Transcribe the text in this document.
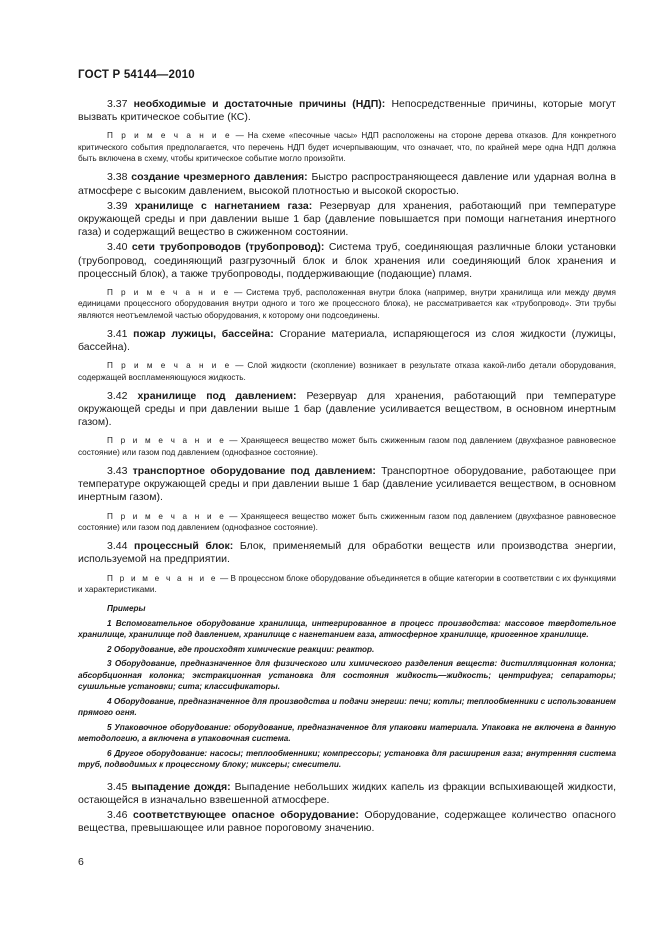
ГОСТ Р 54144—2010

3.37 необходимые и достаточные причины (НДП): Непосредственные причины, которые могут вызвать критическое событие (КС).

П р и м е ч а н и е — На схеме «песочные часы» НДП расположены на стороне дерева отказов. Для конкретного критического события предполагается, что перечень НДП будет исчерпывающим, что означает, что, по крайней мере одна НДП должна быть включена в схему, чтобы критическое событие могло произойти.

3.38 создание чрезмерного давления: Быстро распространяющееся давление или ударная волна в атмосфере с высоким давлением, высокой плотностью и высокой скоростью.

3.39 хранилище с нагнетанием газа: Резервуар для хранения, работающий при температуре окружающей среды и при давлении выше 1 бар (давление повышается при помощи нагнетания инертного газа) и содержащий вещество в сжиженном состоянии.

3.40 сети трубопроводов (трубопровод): Система труб, соединяющая различные блоки установки (трубопровод, соединяющий разгрузочный блок и блок хранения или соединяющий блок хранения и процессный блок), а также трубопроводы, поддерживающие (подающие) пламя.

П р и м е ч а н и е — Система труб, расположенная внутри блока (например, внутри хранилища или между двумя единицами процессного оборудования внутри одного и того же процессного блока), не рассматривается как «трубопровод». Эти трубы являются неотъемлемой частью оборудования, к которому они подсоединены.

3.41 пожар лужицы, бассейна: Сгорание материала, испаряющегося из слоя жидкости (лужицы, бассейна).

П р и м е ч а н и е — Слой жидкости (скопление) возникает в результате отказа какой-либо детали оборудования, содержащей воспламеняющуюся жидкость.

3.42 хранилище под давлением: Резервуар для хранения, работающий при температуре окружающей среды и при давлении выше 1 бар (давление усиливается веществом, в основном инертным газом).

П р и м е ч а н и е — Хранящееся вещество может быть сжиженным газом под давлением (двухфазное равновесное состояние) или газом под давлением (однофазное состояние).

3.43 транспортное оборудование под давлением: Транспортное оборудование, работающее при температуре окружающей среды и при давлении выше 1 бар (давление усиливается веществом, в основном инертным газом).

П р и м е ч а н и е — Хранящееся вещество может быть сжиженным газом под давлением (двухфазное равновесное состояние) или газом под давлением (однофазное состояние).

3.44 процессный блок: Блок, применяемый для обработки веществ или производства энергии, используемой на предприятии.

П р и м е ч а н и е — В процессном блоке оборудование объединяется в общие категории в соответствии с их функциями и характеристиками.

Примеры

1 Вспомогательное оборудование хранилища, интегрированное в процесс производства: массовое твердотельное хранилище, хранилище под давлением, хранилище с нагнетанием газа, атмосферное хранилище, криогенное хранилище.

2 Оборудование, где происходят химические реакции: реактор.

3 Оборудование, предназначенное для физического или химического разделения веществ: дистилляционная колонка; абсорбционная колонка; экстракционная установка для состояния жидкость—жидкость; центрифуга; сепараторы; сушильные установки; сита; классификаторы.

4 Оборудование, предназначенное для производства и подачи энергии: печи; котлы; теплообменники с использованием прямого огня.

5 Упаковочное оборудование: оборудование, предназначенное для упаковки материала. Упаковка не включена в данную методологию, а включена в упаковочная система.

6 Другое оборудование: насосы; теплообменники; компрессоры; установка для расширения газа; внутренняя система труб, подводимых к процессному блоку; миксеры; смесители.

3.45 выпадение дождя: Выпадение небольших жидких капель из фракции вспыхивающей жидкости, остающейся в изначально взвешенной атмосфере.

3.46 соответствующее опасное оборудование: Оборудование, содержащее количество опасного вещества, превышающее или равное пороговому значению.

6
